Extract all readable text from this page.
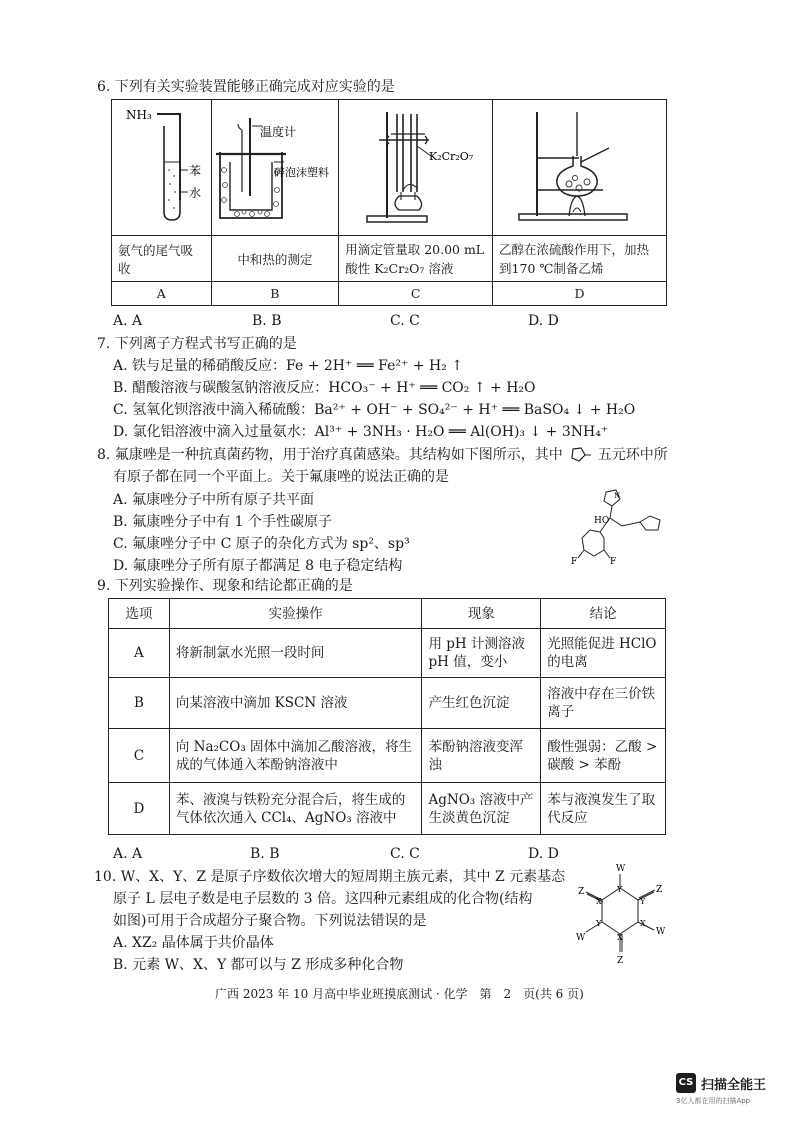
6. 下列有关实验装置能够正确完成对应实验的是
NH₃
苯
水	温度计
碎泡沫塑料	K₂Cr₂O₇

氨气的尾气吸收	中和热的测定	用滴定管量取 20.00 mL 酸性 K₂Cr₂O₇ 溶液	乙醇在浓硫酸作用下，加热到170 ℃制备乙烯
A	B	C	D
A. A	B. B	C. C	D. D
7. 下列离子方程式书写正确的是
A. 铁与足量的稀硝酸反应：Fe + 2H⁺ ══ Fe²⁺ + H₂ ↑
B. 醋酸溶液与碳酸氢钠溶液反应：HCO₃⁻ + H⁺ ══ CO₂ ↑ + H₂O
C. 氢氧化钡溶液中滴入稀硫酸：Ba²⁺ + OH⁻ + SO₄²⁻ + H⁺ ══ BaSO₄ ↓ + H₂O
D. 氯化铝溶液中滴入过量氨水：Al³⁺ + 3NH₃ · H₂O ══ Al(OH)₃ ↓ + 3NH₄⁺
8. 氟康唑是一种抗真菌药物，用于治疗真菌感染。其结构如下图所示，其中 五元环中所
有原子都在同一个平面上。关于氟康唑的说法正确的是
A. 氟康唑分子中所有原子共平面
B. 氟康唑分子中有 1 个手性碳原子
C. 氟康唑分子中 C 原子的杂化方式为 sp²、sp³
D. 氟康唑分子所有原子都满足 8 电子稳定结构
HO
F	F
N
9. 下列实验操作、现象和结论都正确的是
选项	实验操作	现象	结论
A	将新制氯水光照一段时间	用 pH 计测溶液 pH 值，变小	光照能促进 HClO 的电离
B	向某溶液中滴加 KSCN 溶液	产生红色沉淀	溶液中存在三价铁离子
C	向 Na₂CO₃ 固体中滴加乙酸溶液，将生成的气体通入苯酚钠溶液中	苯酚钠溶液变浑浊	酸性强弱：乙酸 > 碳酸 > 苯酚
D	苯、液溴与铁粉充分混合后，将生成的气体依次通入 CCl₄、AgNO₃ 溶液中	AgNO₃ 溶液中产生淡黄色沉淀	苯与液溴发生了取代反应
A. A	B. B	C. C	D. D
10. W、X、Y、Z 是原子序数依次增大的短周期主族元素，其中 Z 元素基态
原子 L 层电子数是电子层数的 3 倍。这四种元素组成的化合物(结构
如图)可用于合成超分子聚合物。下列说法错误的是
A. XZ₂ 晶体属于共价晶体
B. 元素 W、X、Y 都可以与 Z 形成多种化合物
W
Y
Z	Z
X	Y
Y	X
X
W
W
Z
广西 2023 年 10 月高中毕业班摸底测试 · 化学　第　2　页(共 6 页)
CS 扫描全能王
3亿人都在用的扫描App
